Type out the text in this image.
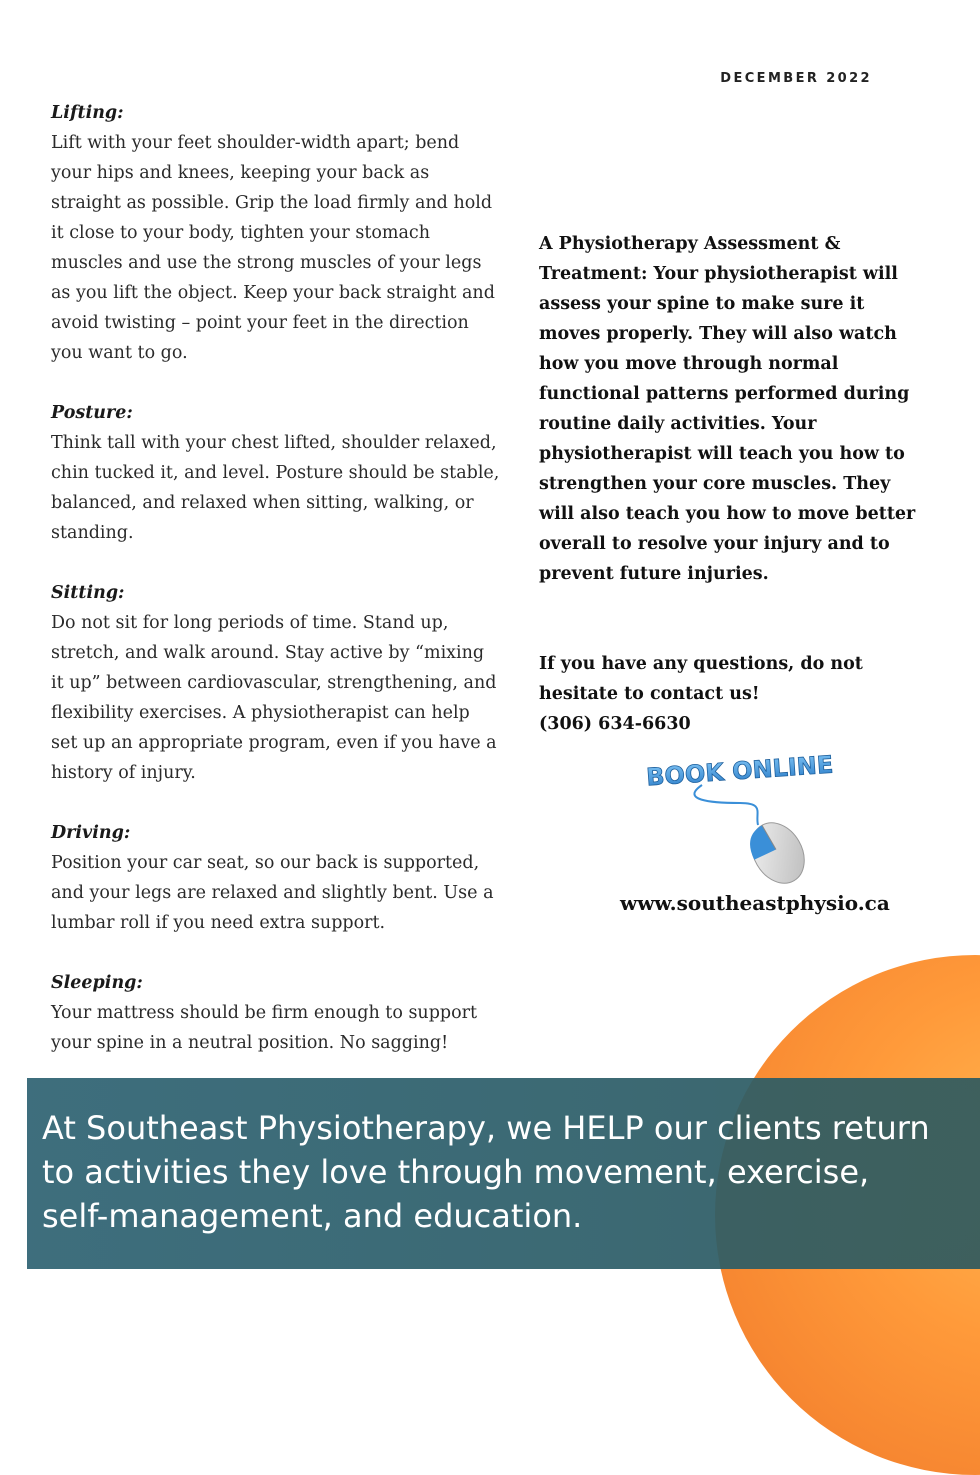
DECEMBER 2022
Lifting:

Lift with your feet shoulder-width apart; bend your hips and knees, keeping your back as straight as possible. Grip the load firmly and hold it close to your body, tighten your stomach muscles and use the strong muscles of your legs as you lift the object. Keep your back straight and avoid twisting – point your feet in the direction you want to go.

Posture:

Think tall with your chest lifted, shoulder relaxed, chin tucked it, and level. Posture should be stable, balanced, and relaxed when sitting, walking, or standing.

Sitting:

Do not sit for long periods of time. Stand up, stretch, and walk around. Stay active by “mixing it up” between cardiovascular, strengthening, and flexibility exercises. A physiotherapist can help set up an appropriate program, even if you have a history of injury.

Driving:

Position your car seat, so our back is supported, and your legs are relaxed and slightly bent. Use a lumbar roll if you need extra support.

Sleeping:

Your mattress should be firm enough to support your spine in a neutral position. No sagging!

A Physiotherapy Assessment & Treatment: Your physiotherapist will assess your spine to make sure it moves properly. They will also watch how you move through normal functional patterns performed during routine daily activities. Your physiotherapist will teach you how to strengthen your core muscles. They will also teach you how to move better overall to resolve your injury and to prevent future injuries.

If you have any questions, do not hesitate to contact us!

(306) 634-6630

BOOK ONLINE
www.southeastphysio.ca
At Southeast Physiotherapy, we HELP our clients return to activities they love through movement, exercise, self-management, and education.
